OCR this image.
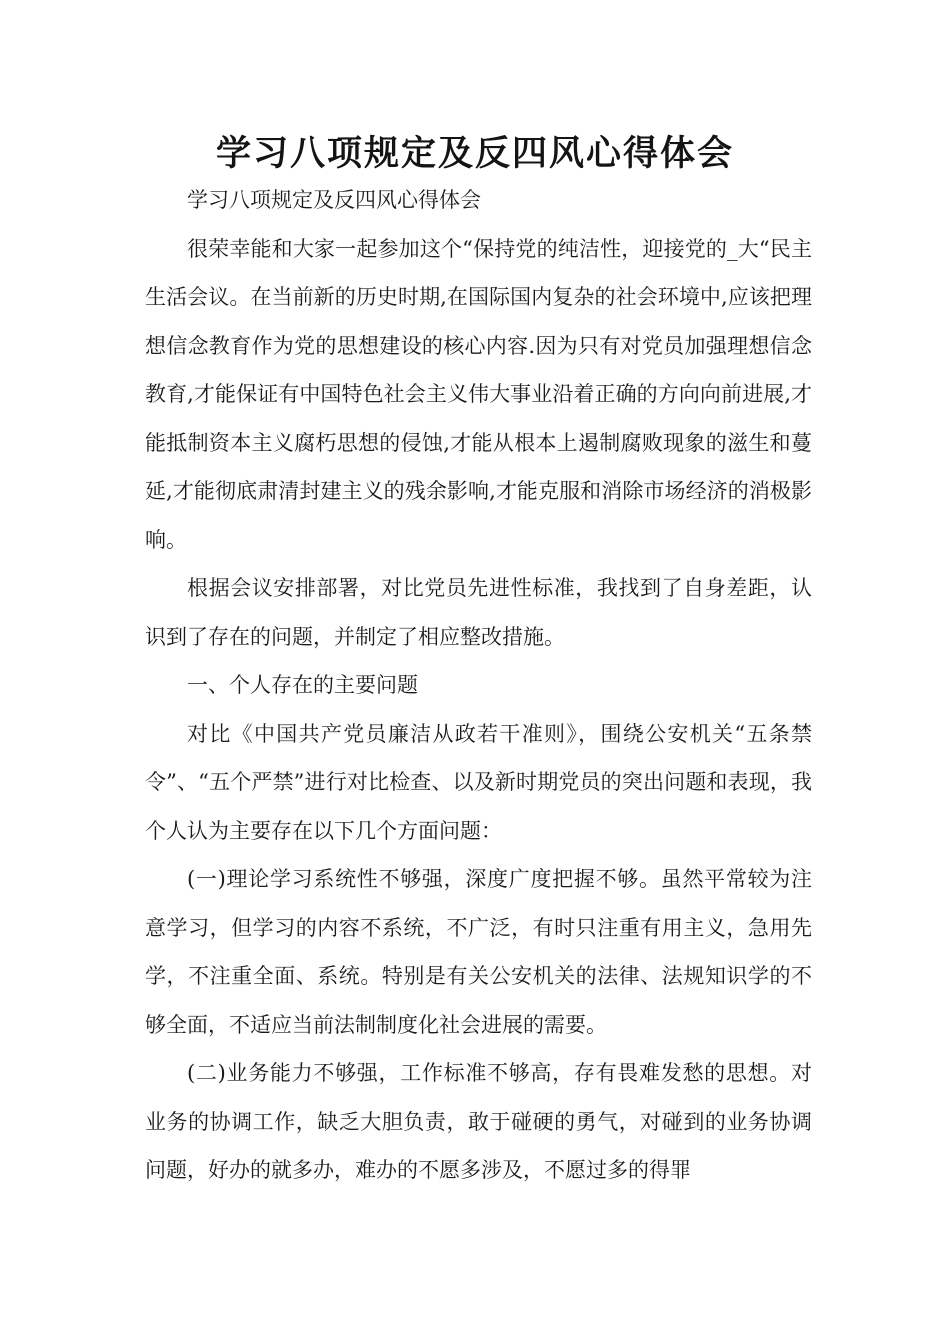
学习八项规定及反四风心得体会

学习八项规定及反四风心得体会

很荣幸能和大家一起参加这个“保持党的纯洁性，迎接党的_大“民主生活会议。在当前新的历史时期,在国际国内复杂的社会环境中,应该把理想信念教育作为党的思想建设的核心内容.因为只有对党员加强理想信念教育,才能保证有中国特色社会主义伟大事业沿着正确的方向向前进展,才能抵制资本主义腐朽思想的侵蚀,才能从根本上遏制腐败现象的滋生和蔓延,才能彻底肃清封建主义的残余影响,才能克服和消除市场经济的消极影响。

根据会议安排部署，对比党员先进性标准，我找到了自身差距，认识到了存在的问题，并制定了相应整改措施。

一、个人存在的主要问题

对比《中国共产党员廉洁从政若干准则》，围绕公安机关“五条禁令”、“五个严禁”进行对比检查、以及新时期党员的突出问题和表现，我个人认为主要存在以下几个方面问题：

(一)理论学习系统性不够强，深度广度把握不够。虽然平常较为注意学习，但学习的内容不系统，不广泛，有时只注重有用主义，急用先学，不注重全面、系统。特别是有关公安机关的法律、法规知识学的不够全面，不适应当前法制制度化社会进展的需要。

(二)业务能力不够强，工作标准不够高，存有畏难发愁的思想。对业务的协调工作，缺乏大胆负责，敢于碰硬的勇气，对碰到的业务协调问题，好办的就多办，难办的不愿多涉及，不愿过多的得罪
